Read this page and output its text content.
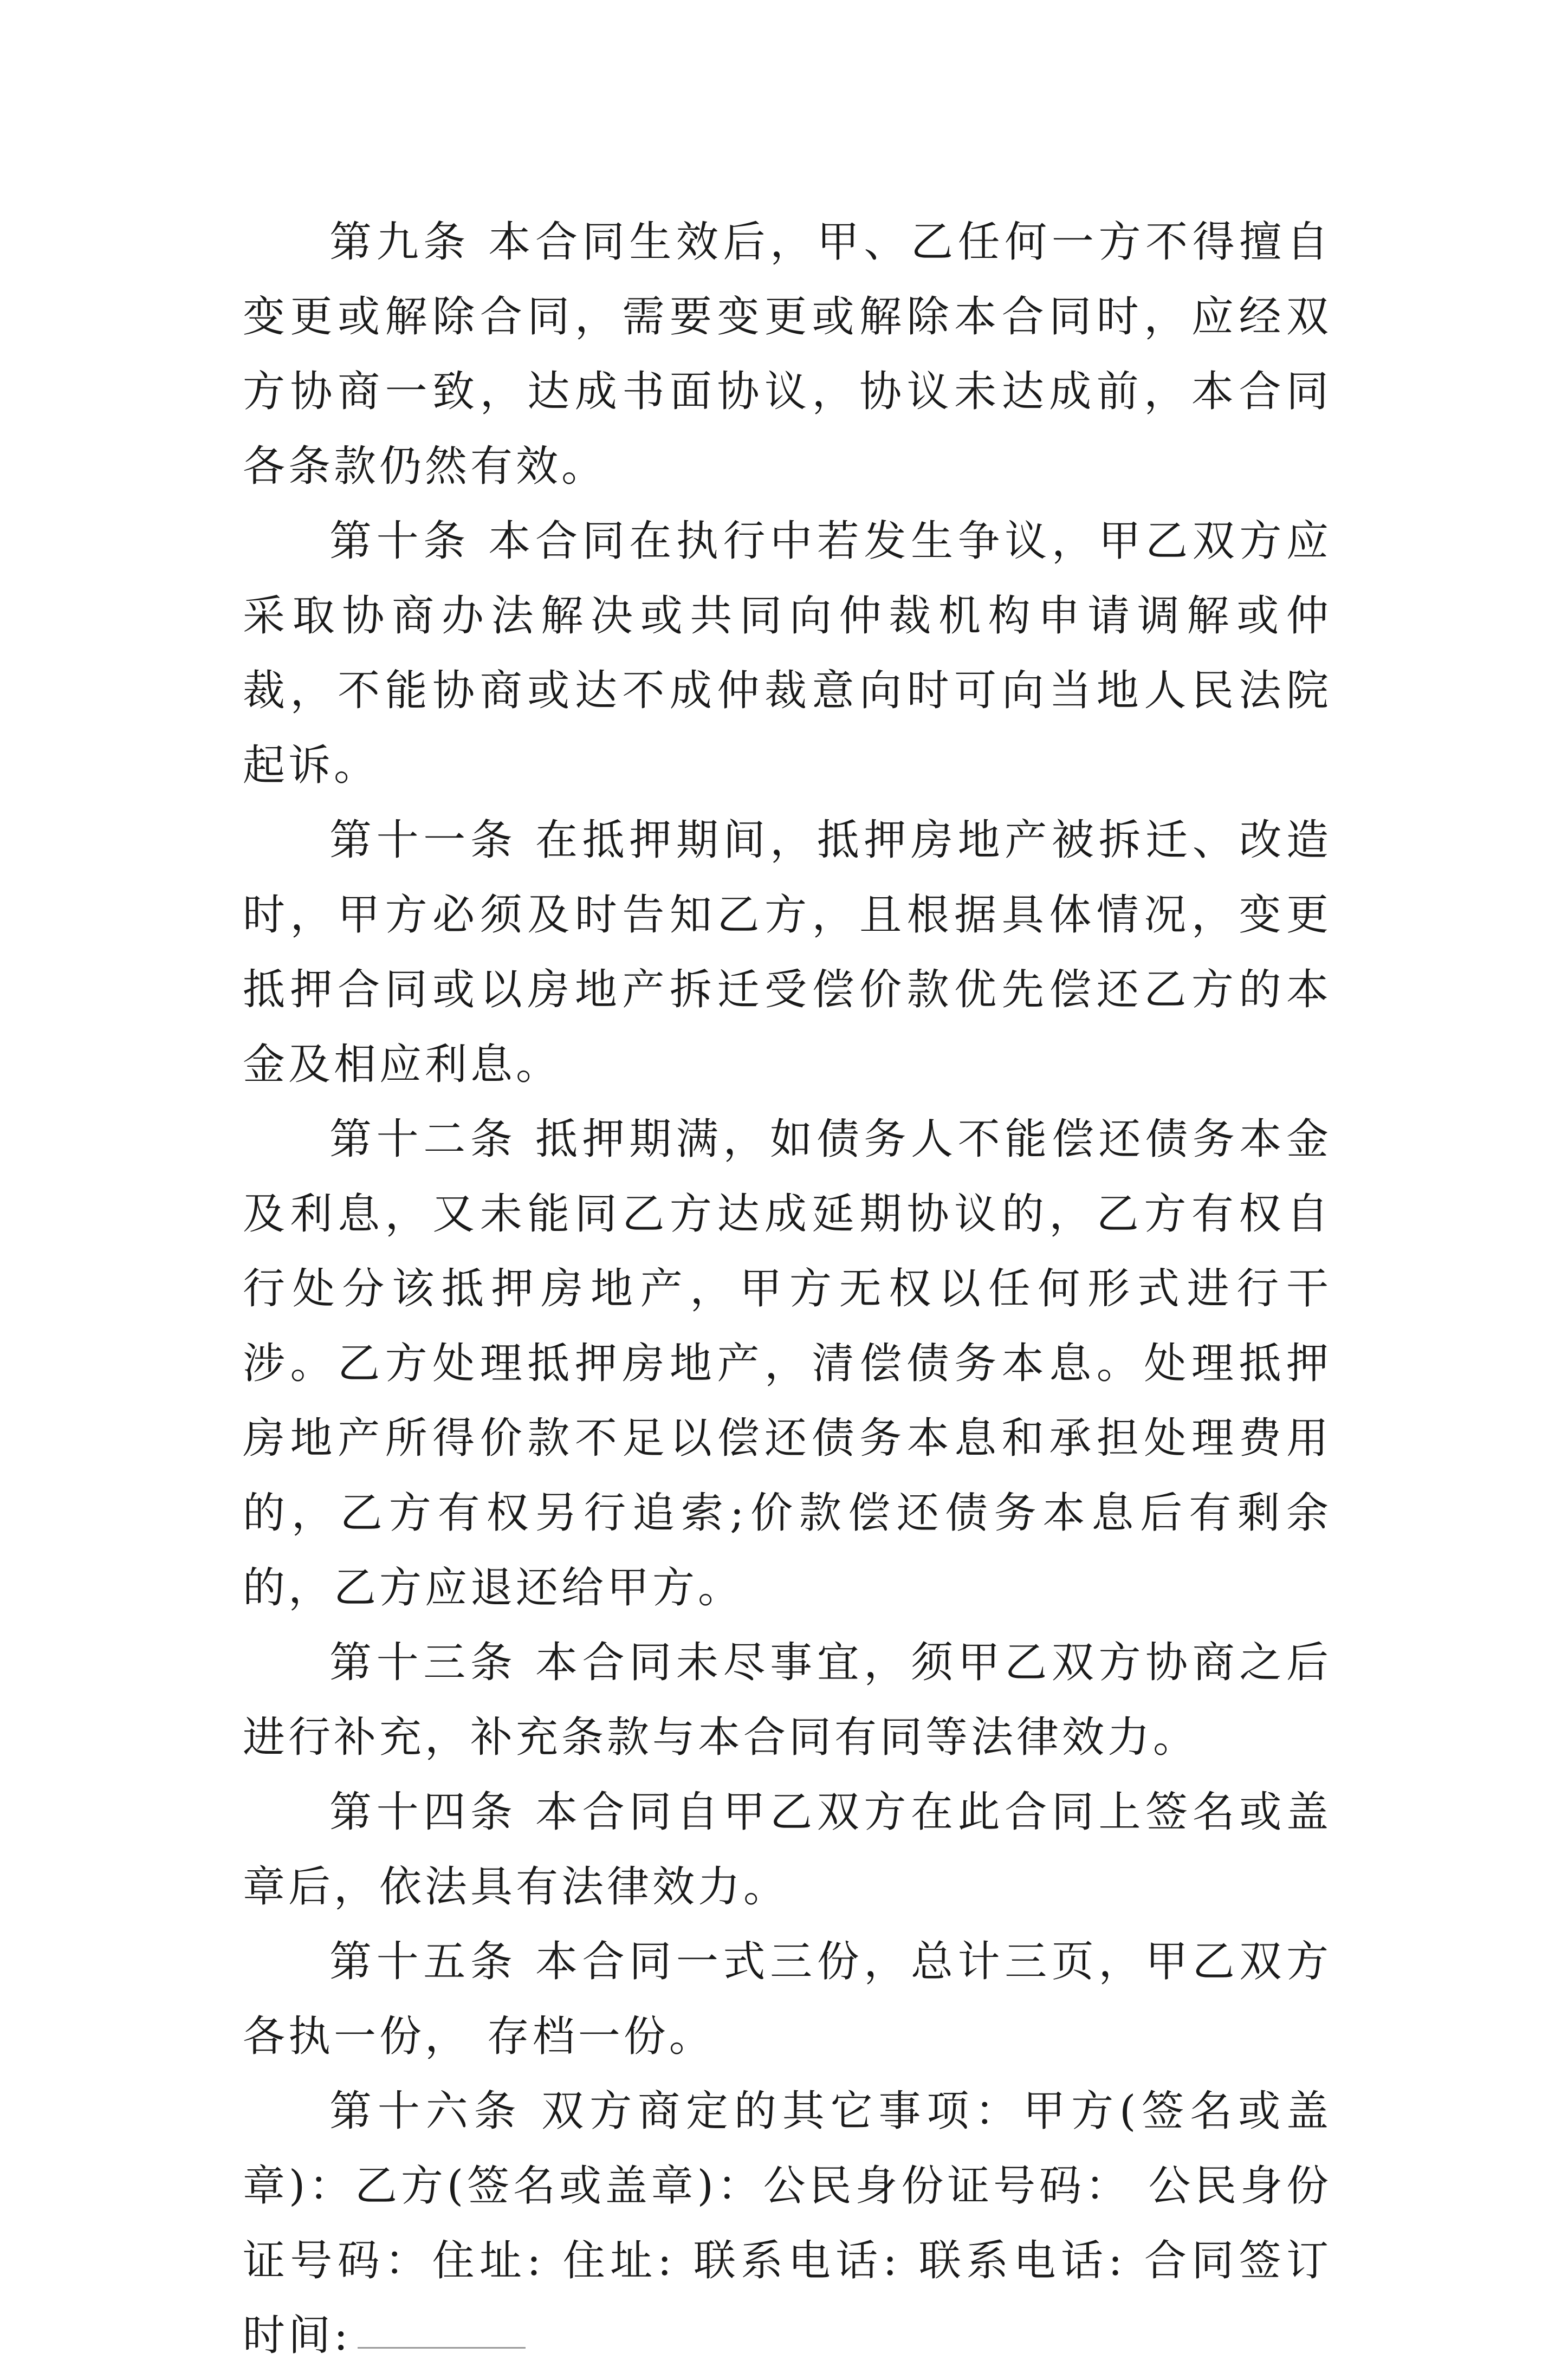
第九条 本合同生效后，甲、乙任何一方不得擅自变更或解除合同，需要变更或解除本合同时，应经双方协商一致，达成书面协议，协议未达成前，本合同各条款仍然有效。

第十条 本合同在执行中若发生争议，甲乙双方应采取协商办法解决或共同向仲裁机构申请调解或仲裁，不能协商或达不成仲裁意向时可向当地人民法院起诉。

第十一条 在抵押期间，抵押房地产被拆迁、改造时，甲方必须及时告知乙方，且根据具体情况，变更抵押合同或以房地产拆迁受偿价款优先偿还乙方的本金及相应利息。

第十二条 抵押期满，如债务人不能偿还债务本金及利息，又未能同乙方达成延期协议的，乙方有权自行处分该抵押房地产，甲方无权以任何形式进行干涉。乙方处理抵押房地产，清偿债务本息。处理抵押房地产所得价款不足以偿还债务本息和承担处理费用的，乙方有权另行追索;价款偿还债务本息后有剩余的，乙方应退还给甲方。

第十三条 本合同未尽事宜，须甲乙双方协商之后进行补充，补充条款与本合同有同等法律效力。

第十四条 本合同自甲乙双方在此合同上签名或盖章后，依法具有法律效力。

第十五条 本合同一式三份，总计三页，甲乙双方各执一份， 存档一份。

第十六条 双方商定的其它事项：甲方(签名或盖章)：乙方(签名或盖章)：公民身份证号码： 公民身份证号码：住址: 住址: 联系电话: 联系电话: 合同签订时间:
